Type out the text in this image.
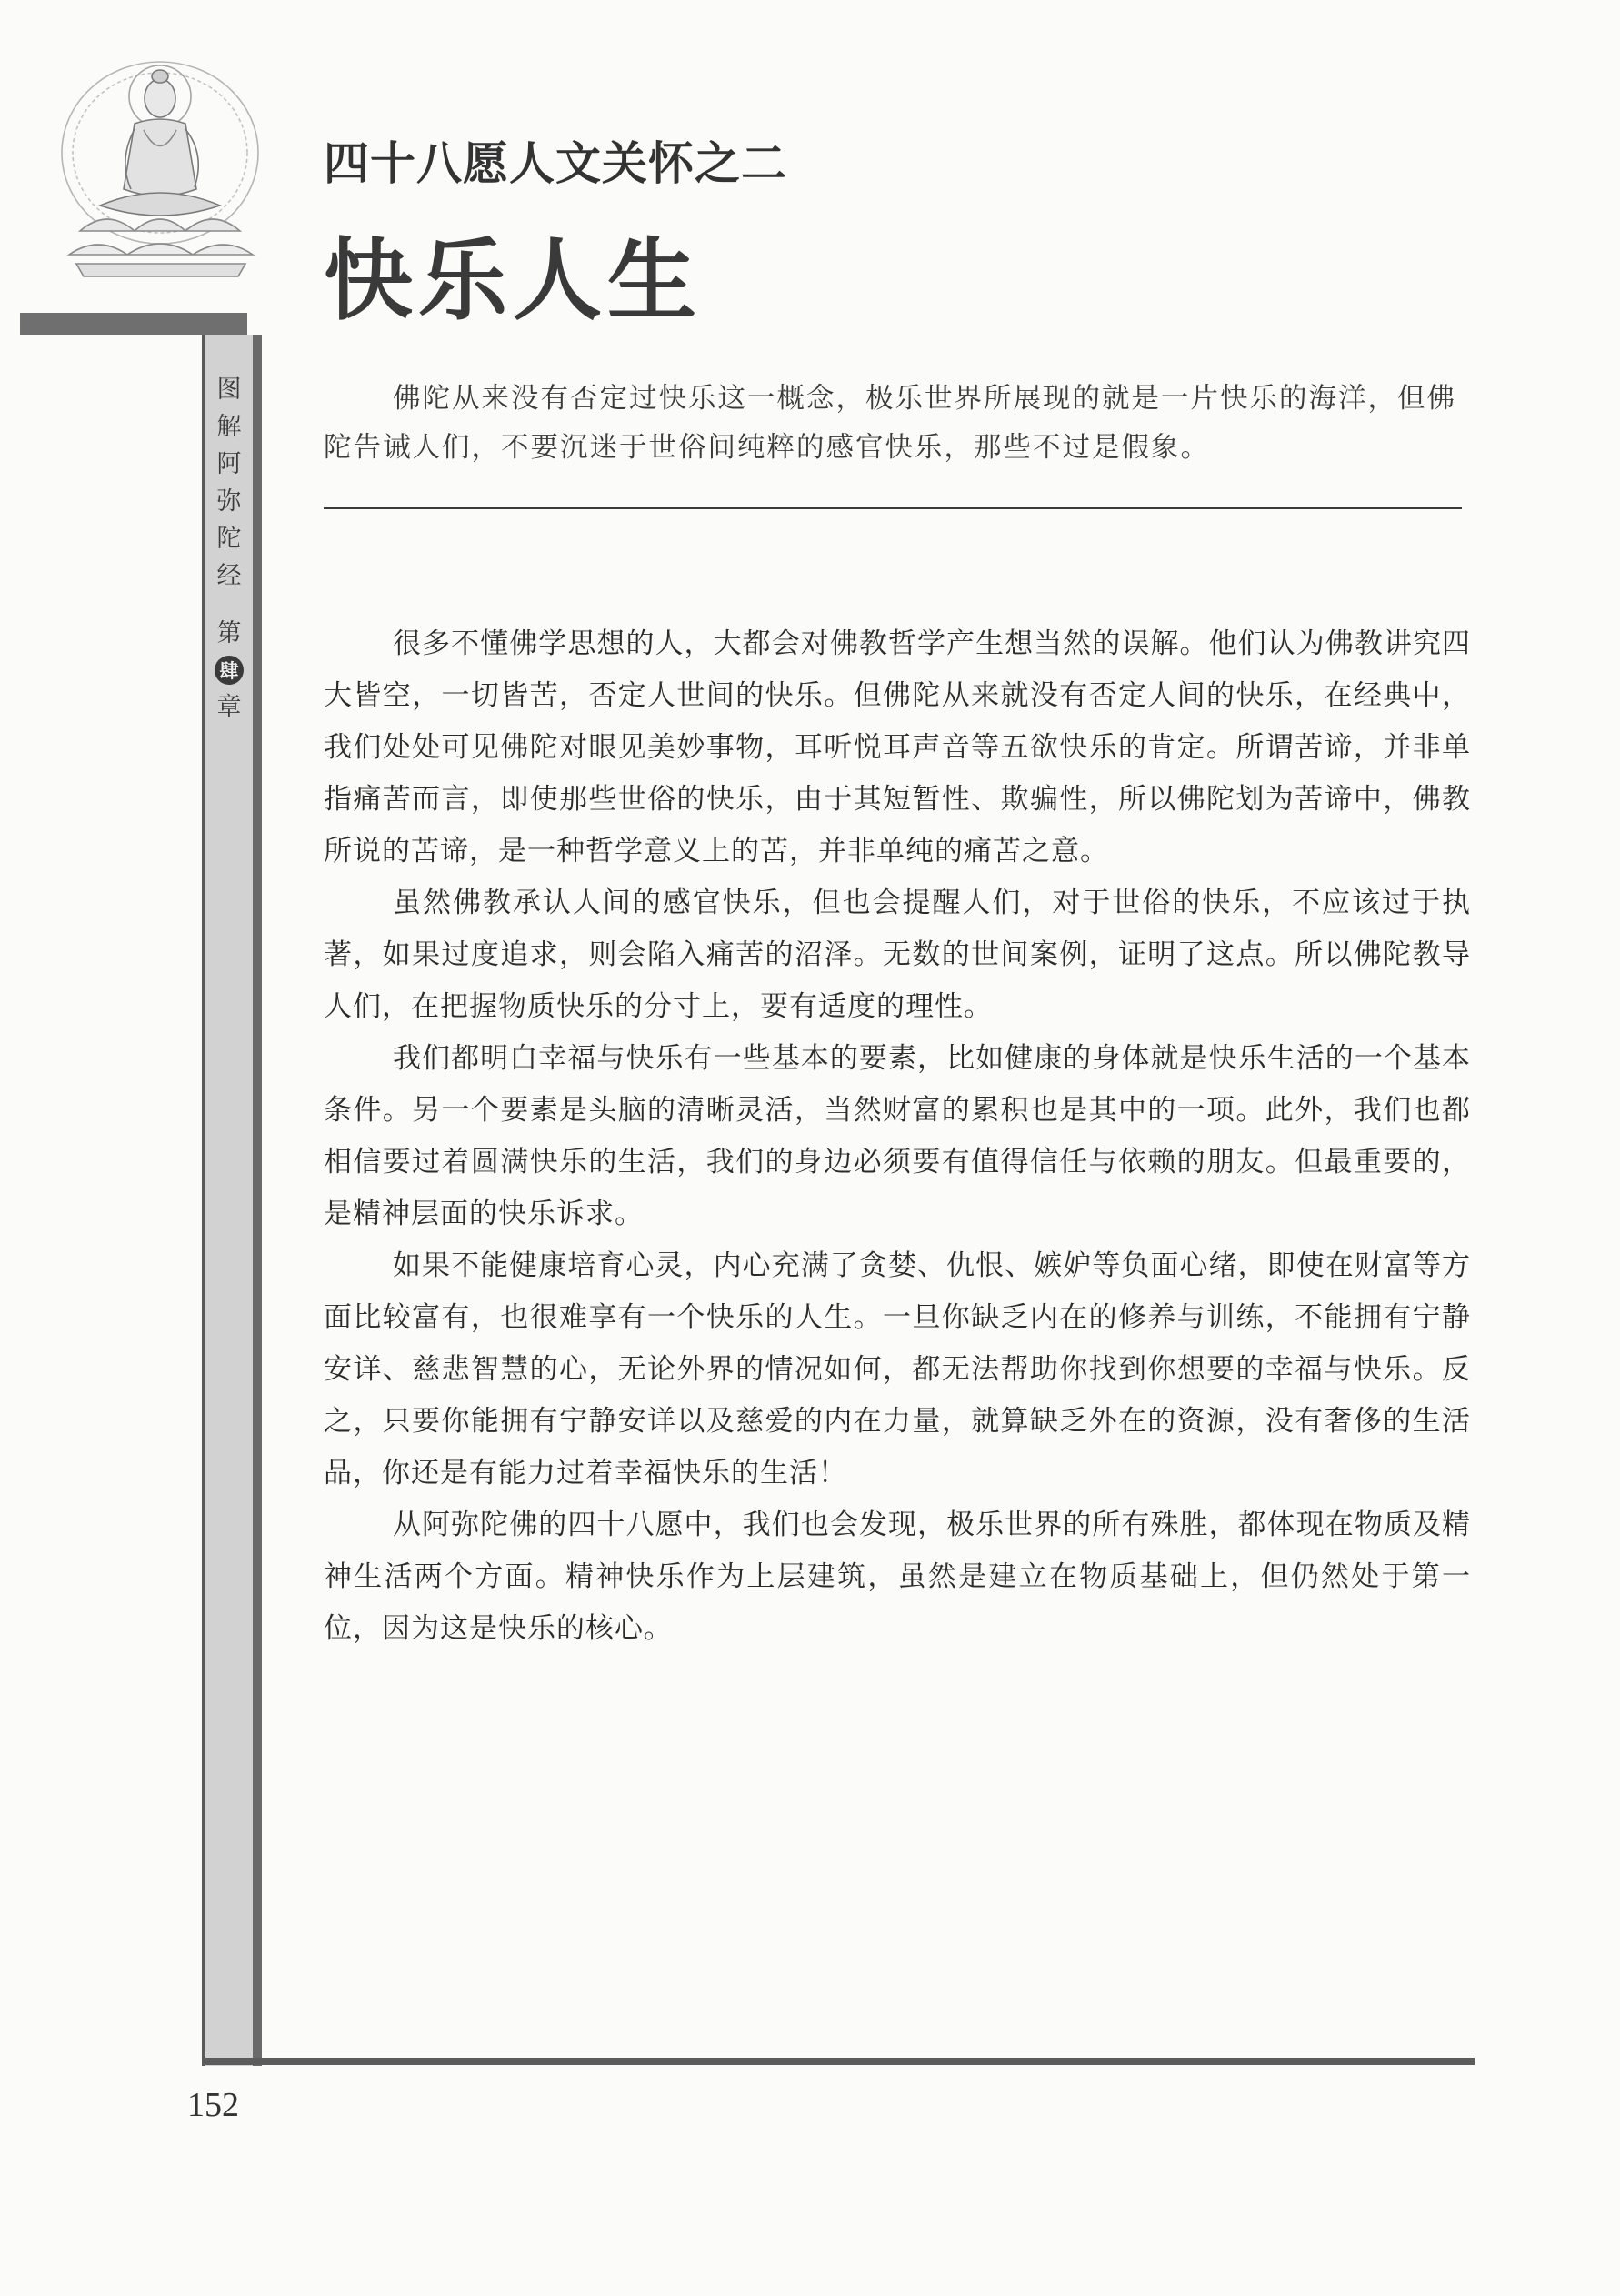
图
解
阿
弥
陀
经
第
肆
章
四十八愿人文关怀之二
快乐人生
佛陀从来没有否定过快乐这一概念，极乐世界所展现的就是一片快乐的海洋，但佛陀告诫人们，不要沉迷于世俗间纯粹的感官快乐，那些不过是假象。

很多不懂佛学思想的人，大都会对佛教哲学产生想当然的误解。他们认为佛教讲究四大皆空，一切皆苦，否定人世间的快乐。但佛陀从来就没有否定人间的快乐，在经典中，我们处处可见佛陀对眼见美妙事物，耳听悦耳声音等五欲快乐的肯定。所谓苦谛，并非单指痛苦而言，即使那些世俗的快乐，由于其短暂性、欺骗性，所以佛陀划为苦谛中，佛教所说的苦谛，是一种哲学意义上的苦，并非单纯的痛苦之意。

虽然佛教承认人间的感官快乐，但也会提醒人们，对于世俗的快乐，不应该过于执著，如果过度追求，则会陷入痛苦的沼泽。无数的世间案例，证明了这点。所以佛陀教导人们，在把握物质快乐的分寸上，要有适度的理性。

我们都明白幸福与快乐有一些基本的要素，比如健康的身体就是快乐生活的一个基本条件。另一个要素是头脑的清晰灵活，当然财富的累积也是其中的一项。此外，我们也都相信要过着圆满快乐的生活，我们的身边必须要有值得信任与依赖的朋友。但最重要的，是精神层面的快乐诉求。

如果不能健康培育心灵，内心充满了贪婪、仇恨、嫉妒等负面心绪，即使在财富等方面比较富有，也很难享有一个快乐的人生。一旦你缺乏内在的修养与训练，不能拥有宁静安详、慈悲智慧的心，无论外界的情况如何，都无法帮助你找到你想要的幸福与快乐。反之，只要你能拥有宁静安详以及慈爱的内在力量，就算缺乏外在的资源，没有奢侈的生活品，你还是有能力过着幸福快乐的生活！

从阿弥陀佛的四十八愿中，我们也会发现，极乐世界的所有殊胜，都体现在物质及精神生活两个方面。精神快乐作为上层建筑，虽然是建立在物质基础上，但仍然处于第一位，因为这是快乐的核心。

152
